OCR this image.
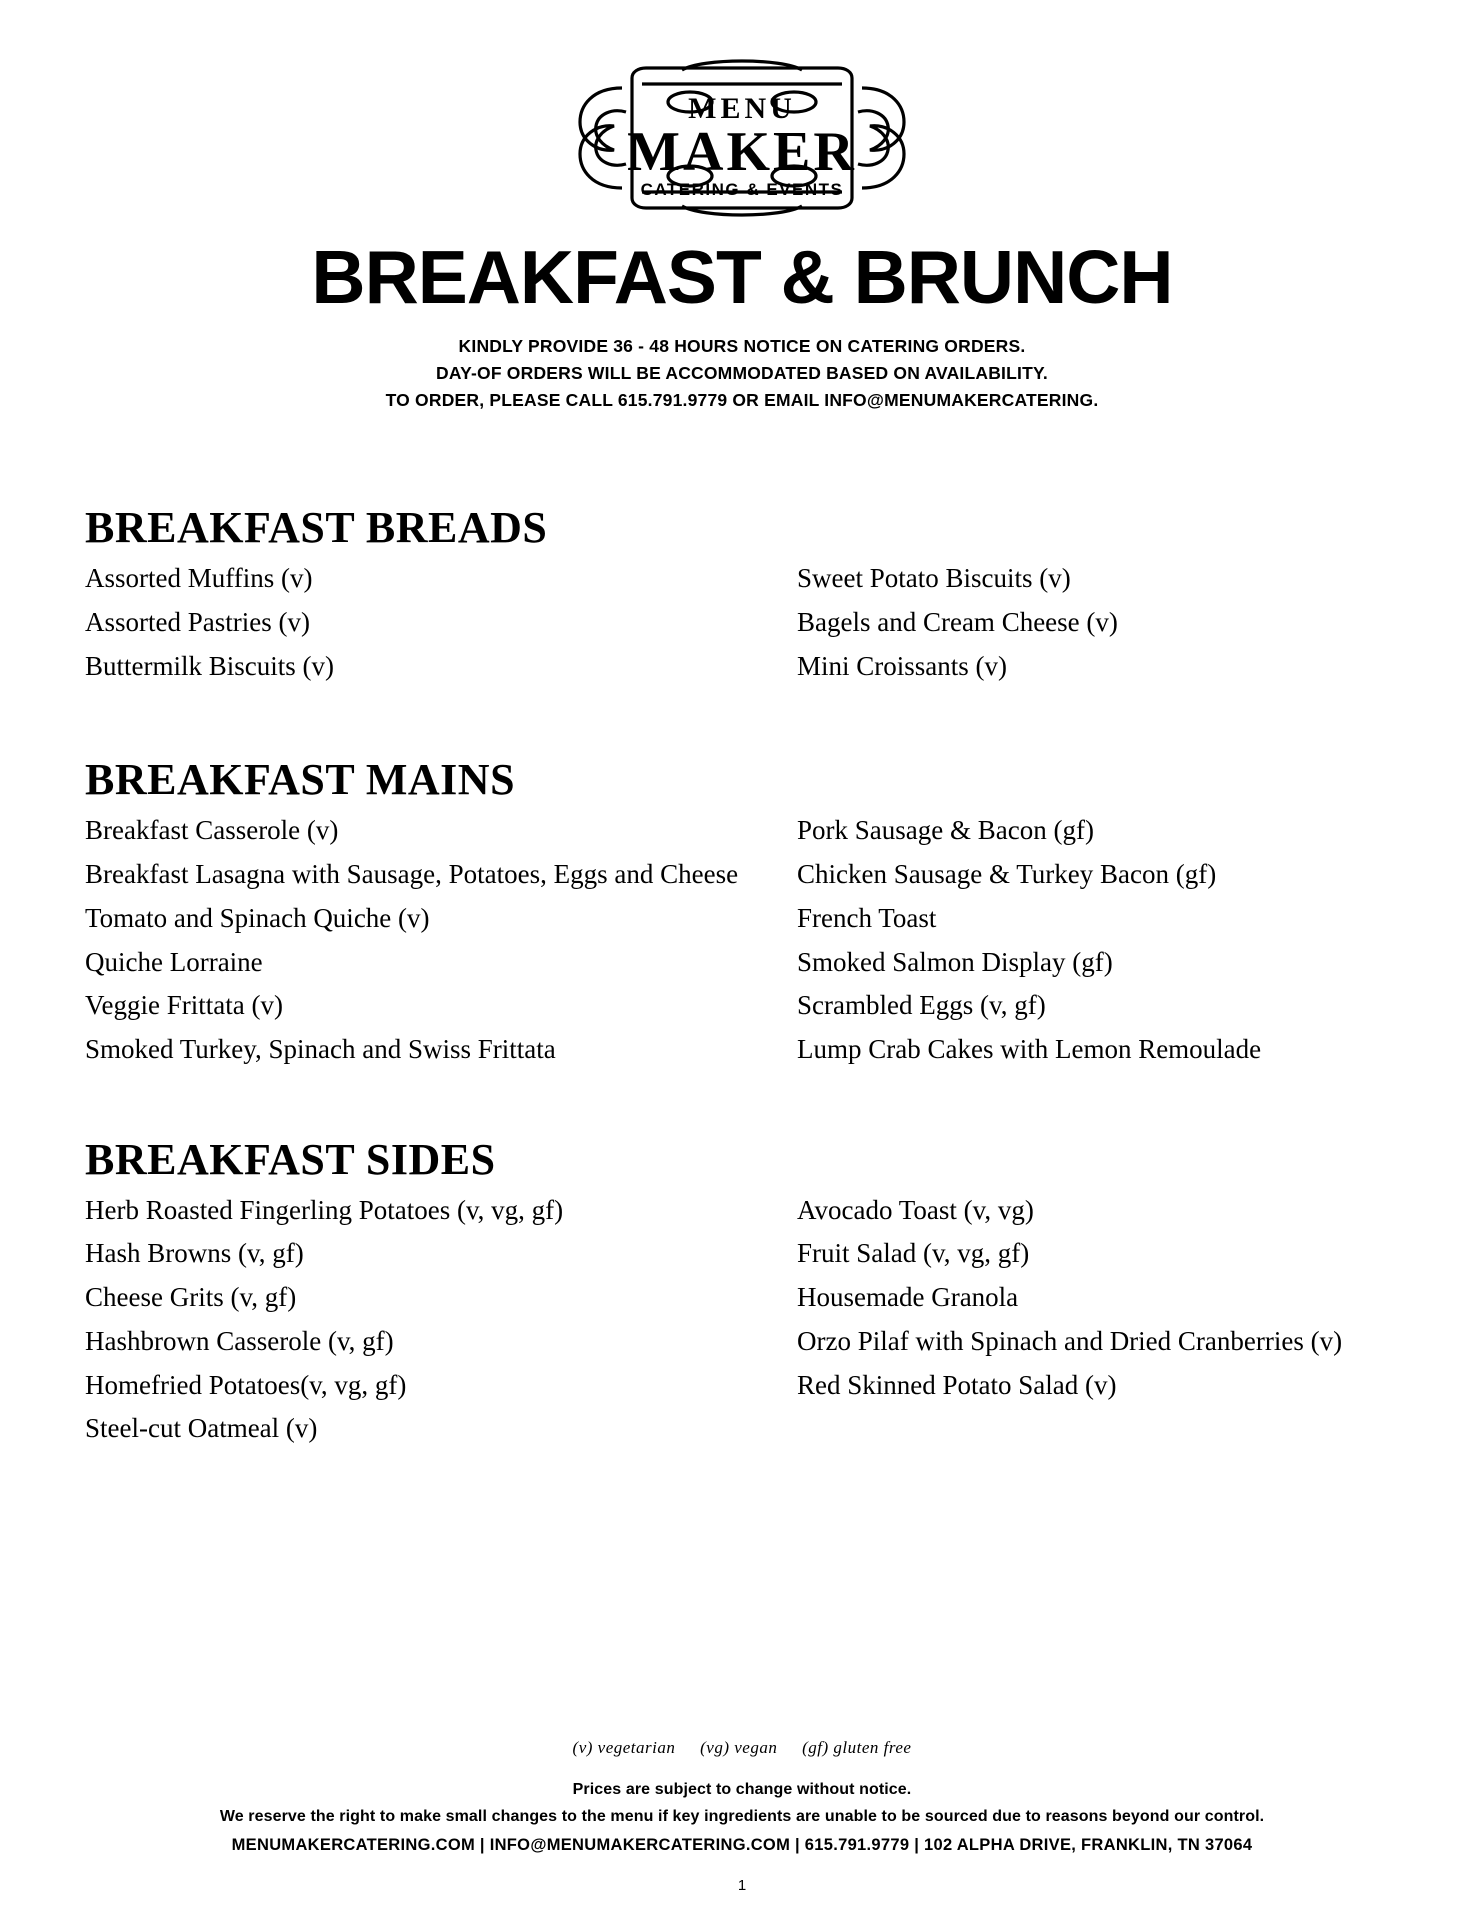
MENU
MAKER
CATERING & EVENTS
BREAKFAST & BRUNCH
KINDLY PROVIDE 36 - 48 HOURS NOTICE ON CATERING ORDERS.
DAY-OF ORDERS WILL BE ACCOMMODATED BASED ON AVAILABILITY.
TO ORDER, PLEASE CALL 615.791.9779 OR EMAIL INFO@MENUMAKERCATERING.
BREAKFAST BREADS

Assorted Muffins (v)

Assorted Pastries (v)

Buttermilk Biscuits (v)

Sweet Potato Biscuits (v)

Bagels and Cream Cheese (v)

Mini Croissants (v)

BREAKFAST MAINS

Breakfast Casserole (v)

Breakfast Lasagna with Sausage, Potatoes, Eggs and Cheese

Tomato and Spinach Quiche (v)

Quiche Lorraine

Veggie Frittata (v)

Smoked Turkey, Spinach and Swiss Frittata

Pork Sausage & Bacon (gf)

Chicken Sausage & Turkey Bacon (gf)

French Toast

Smoked Salmon Display (gf)

Scrambled Eggs (v, gf)

Lump Crab Cakes with Lemon Remoulade

BREAKFAST SIDES

Herb Roasted Fingerling Potatoes (v, vg, gf)

Hash Browns (v, gf)

Cheese Grits (v, gf)

Hashbrown Casserole (v, gf)

Homefried Potatoes(v, vg, gf)

Steel-cut Oatmeal (v)

Avocado Toast (v, vg)

Fruit Salad (v, vg, gf)

Housemade Granola

Orzo Pilaf with Spinach and Dried Cranberries (v)

Red Skinned Potato Salad (v)

(v) vegetarian (vg) vegan (gf) gluten free
Prices are subject to change without notice.
We reserve the right to make small changes to the menu if key ingredients are unable to be sourced due to reasons beyond our control.
MENUMAKERCATERING.COM | INFO@MENUMAKERCATERING.COM | 615.791.9779 | 102 ALPHA DRIVE, FRANKLIN, TN 37064
1
